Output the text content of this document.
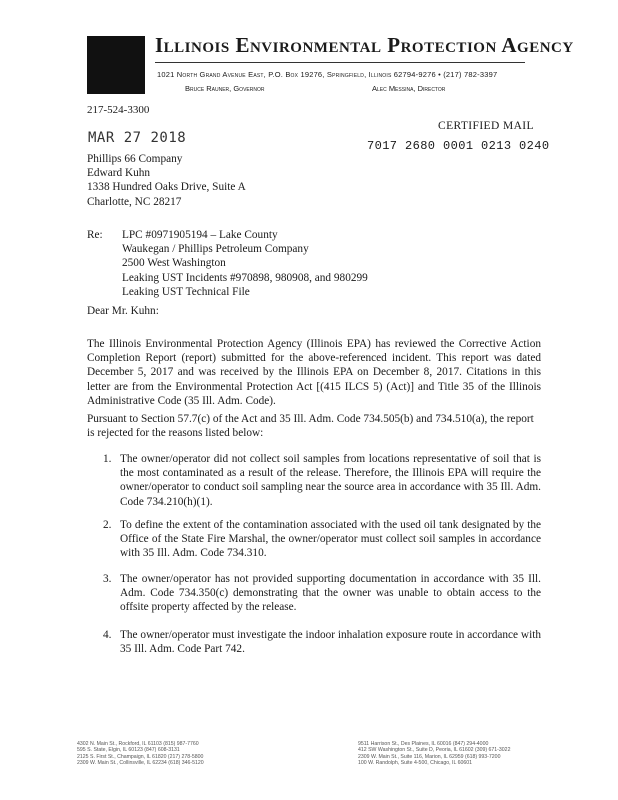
Illinois Environmental Protection Agency
1021 North Grand Avenue East, P.O. Box 19276, Springfield, Illinois 62794-9276 • (217) 782-3397
Bruce Rauner, Governor	Alec Messina, Director
217-524-3300
MAR 27 2018
CERTIFIED MAIL
7017 2680 0001 0213 0240
Phillips 66 Company
Edward Kuhn
1338 Hundred Oaks Drive, Suite A
Charlotte, NC 28217
Re: LPC #0971905194 – Lake County
Waukegan / Phillips Petroleum Company
2500 West Washington
Leaking UST Incidents #970898, 980908, and 980299
Leaking UST Technical File
Dear Mr. Kuhn:
The Illinois Environmental Protection Agency (Illinois EPA) has reviewed the Corrective Action Completion Report (report) submitted for the above-referenced incident. This report was dated December 5, 2017 and was received by the Illinois EPA on December 8, 2017. Citations in this letter are from the Environmental Protection Act [(415 ILCS 5) (Act)] and Title 35 of the Illinois Administrative Code (35 Ill. Adm. Code).
Pursuant to Section 57.7(c) of the Act and 35 Ill. Adm. Code 734.505(b) and 734.510(a), the report is rejected for the reasons listed below:
1. The owner/operator did not collect soil samples from locations representative of soil that is the most contaminated as a result of the release. Therefore, the Illinois EPA will require the owner/operator to conduct soil sampling near the source area in accordance with 35 Ill. Adm. Code 734.210(h)(1).
2. To define the extent of the contamination associated with the used oil tank designated by the Office of the State Fire Marshal, the owner/operator must collect soil samples in accordance with 35 Ill. Adm. Code 734.310.
3. The owner/operator has not provided supporting documentation in accordance with 35 Ill. Adm. Code 734.350(c) demonstrating that the owner was unable to obtain access to the offsite property affected by the release.
4. The owner/operator must investigate the indoor inhalation exposure route in accordance with 35 Ill. Adm. Code Part 742.
4302 N. Main St., Rockford, IL 61103 (815) 987-7760
595 S. State, Elgin, IL 60123 (847) 608-3131
2125 S. First St., Champaign, IL 61820 (217) 278-5800
2309 W. Main St., Collinsville, IL 62234 (618) 346-5120
9511 Harrison St., Des Plaines, IL 60016 (847) 294-4000
412 SW Washington St., Suite D, Peoria, IL 61602 (309) 671-3022
2309 W. Main St., Suite 116, Marion, IL 62959 (618) 993-7200
100 W. Randolph, Suite 4-500, Chicago, IL 60601
